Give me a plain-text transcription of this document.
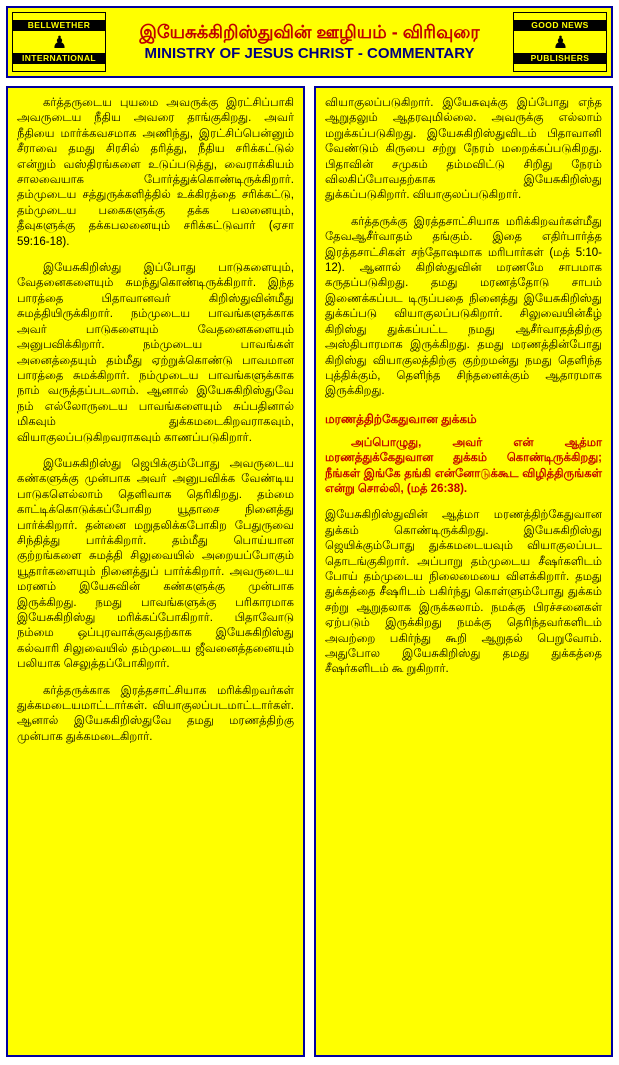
BELLWETHER
♟
INTERNATIONAL
இயேசுக்கிறிஸ்துவின் ஊழியம் - விரிவுரை
MINISTRY OF JESUS CHRIST - COMMENTARY
GOOD NEWS
♟
PUBLISHERS

கர்த்தருடைய புயமை அவருக்கு இரட்சிப்பாகி அவருடைய நீதிய அவரை தாங்குகிறது. அவர் நீதியை மார்க்கவசமாக அணிந்து, இரட்சிப்பென்னும் சீராவை தமது சிரசில் தரித்து, நீதிய சரிக்கட்டுல் என்றும் வஸ்திரங்களை உடுப்படுத்து, வைராக்கியம் சாலவையாக போர்த்துக்கொண்டிருக்கிறார். தம்முடைய சத்துருக்களித்தில் உக்கிரத்தை சரிக்கட்டு, தம்முடைய பகைகளுக்கு தக்க பலனையும், தீவுகளுக்கு தக்கபலனையும் சரிக்கட்டுவார் (ஏசா 59:16-18).

இயேசுகிறிஸ்து இப்போது பாடுகளையும், வேதனைகளையும் சுமந்துகொண்டிருக்கிறார். இந்த பாரத்தை பிதாவானவர் கிறிஸ்துவின்மீது சுமத்தியிருக்கிறார். நம்முடைய பாவங்களுக்காக அவர் பாடுகளையும் வேதனைகளையும் அனுபவிக்கிறார். நம்முடைய பாவங்கள் அனைத்தையும் தம்மீது ஏற்றுக்கொண்டு பாவமான பாரத்தை சுமக்கிறார். நம்முடைய பாவங்களுக்காக நாம் வருத்தப்படலாம். ஆனால் இயேசுகிறிஸ்துவே நம் எல்லோருடைய பாவங்களையும் சுப்பதினால் மிகவும் துக்கமடைகிறவராகவும், வியாகுலப்படுகிறவராகவும் காணப்படுகிறார்.

இயேசுகிறிஸ்து ஜெபிக்கும்போது அவருடைய கண்களுக்கு முன்பாக அவர் அனுபவிக்க வேண்டிய பாடுகளெல்லாம் தெளிவாக தெரிகிறது. தம்மை காட்டிக்கொடுக்கப்போகிற யூதாசை நினைத்து பார்க்கிறார். தன்னை மறுதலிக்கபோகிற பேதுருவை சிந்தித்து பார்க்கிறார். தம்மீது பொய்யான குற்றங்களை சுமத்தி சிலுவையில் அறையப்போகும் யூதார்களையும் நினைத்துப் பார்க்கிறார். அவருடைய மரணம் இயேசுவின் கண்களுக்கு முன்பாக இருக்கிறது. நமது பாவங்களுக்கு பரிகாரமாக இயேசுகிறிஸ்து மரிக்கப்போகிறார். பிதாவோடு நம்மை ஒப்புரவாக்குவதற்காக இயேசுகிறிஸ்து கல்வாரி சிலுவையில் தம்முடைய ஜீவனைத்தனையும் பலியாக செலுத்தப்போகிறார்.

கர்த்தருக்காக இரத்தசாட்சியாக மரிக்கிறவர்கள் துக்கமடையமாட்டார்கள். வியாகுலப்படமாட்டார்கள். ஆனால் இயேசுகிறிஸ்துவே தமது மரணத்திற்கு முன்பாக துக்கமடைகிறார்.

வியாகுலப்படுகிறார். இயேசுவுக்கு இப்போது எந்த ஆறுதலும் ஆதரவுமில்லை. அவருக்கு எல்லாம் மறுக்கப்படுகிறது. இயேசுகிறிஸ்துவிடம் பிதாவானி வேண்டும் கிருபை சற்று நேரம் மறைக்கப்படுகிறது. பிதாவின் சமுகம் தம்மவிட்டு சிறிது நேரம் விலகிப்போவதற்காக இயேசுகிறிஸ்து துக்கப்படுகிறார். வியாகுலப்படுகிறார்.

கர்த்தருக்கு இரத்தசாட்சியாக மரிக்கிறவர்கள்மீது தேவஆசீர்வாதம் தங்கும். இதை எதிர்பார்த்த இரத்தசாட்சிகள் சந்தோஷமாக மரிபார்கள் (மத் 5:10-12). ஆனால் கிறிஸ்துவின் மரணமே சாபமாக கருதப்படுகிறது. தமது மரணத்தோடு சாபம் இணைக்கப்பட டிருப்பதை நினைத்து இயேசுகிறிஸ்து துக்கப்படு வியாகுலப்படுகிறார். சிலுவையின்கீழ் கிறிஸ்து துக்கப்பட்ட நமது ஆசீர்வாதத்திற்கு அஸ்திபாரமாக இருக்கிறது. தமது மரணத்தின்போது கிறிஸ்து வியாகுலத்திற்கு குற்றமன்து நமது தெளிந்த புத்திக்கும், தெளிந்த சிந்தனைக்கும் ஆதாரமாக இருக்கிறது.

மரணத்திற்கேதுவான துக்கம்

அப்பொழுது, அவர் என் ஆத்மா மரணத்துக்கேதுவான துக்கம் கொண்டிருக்கிறது; நீங்கள் இங்கே தங்கி என்னோடுக்கூட விழித்திருங்கள் என்று சொல்லி, (மத் 26:38).

இயேசுகிறிஸ்துவின் ஆத்மா மரணத்திற்கேதுவான துக்கம் கொண்டிருக்கிறது. இயேசுகிறிஸ்து ஜெயிக்கும்போது துக்கமடையவும் வியாகுலப்பட தொடங்குகிறார். அப்பாறு தம்முடைய சீஷர்களிடம் போய் தம்முடைய நிலைமையை விளக்கிறார். தமது துக்கத்தை சீஷரிடம் பகிர்ந்து கொள்ளும்போது துக்கம் சற்று ஆறுதலாக இருக்கலாம். நமக்கு பிரச்சனைகள் ஏற்படும் இருக்கிறது நமக்கு தெரிந்தவர்களிடம் அவற்றை பகிர்ந்து கூறி ஆறுதல் பெறுவோம். அதுபோல இயேசுகிறிஸ்து தமது துக்கத்தை சீஷர்களிடம் கூ றுகிறார்.
